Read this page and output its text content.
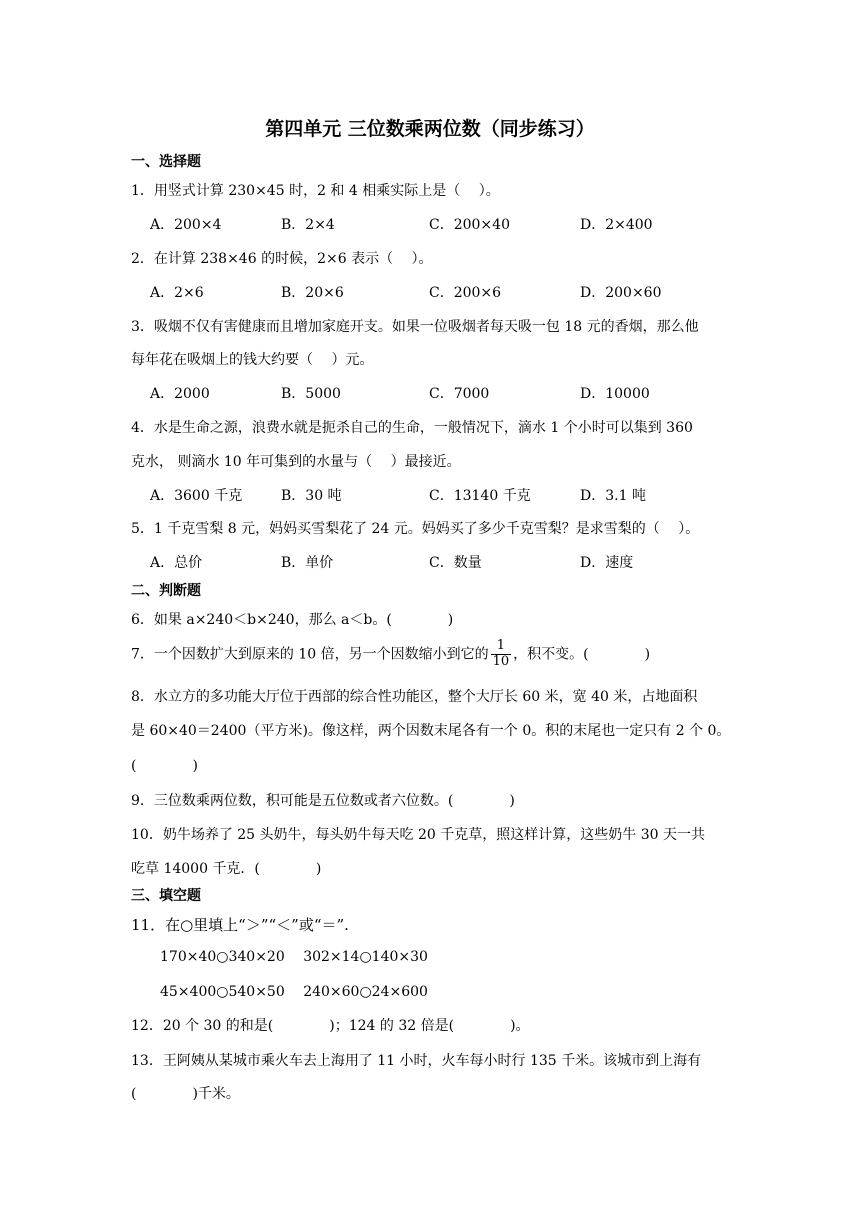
第四单元 三位数乘两位数（同步练习）
一、选择题
1．用竖式计算 230×45 时，2 和 4 相乘实际上是（　 ）。
A．200×4	B．2×4	C．200×40	D．2×400
2．在计算 238×46 的时候，2×6 表示（　 ）。
A．2×6	B．20×6	C．200×6	D．200×60
3．吸烟不仅有害健康而且增加家庭开支。如果一位吸烟者每天吸一包 18 元的香烟，那么他
每年花在吸烟上的钱大约要（　 ）元。
A．2000	B．5000	C．7000	D．10000
4．水是生命之源，浪费水就是扼杀自己的生命，一般情况下，滴水 1 个小时可以集到 360
克水， 则滴水 10 年可集到的水量与（　 ）最接近。
A．3600 千克	B．30 吨	C．13140 千克	D．3.1 吨
5．1 千克雪梨 8 元，妈妈买雪梨花了 24 元。妈妈买了多少千克雪梨？是求雪梨的（　 ）。
A．总价	B．单价	C．数量	D．速度
二、判断题
6．如果 a×240＜b×240，那么 a＜b。(　　　　)
7．一个因数扩大到原来的 10 倍，另一个因数缩小到它的 $\frac{1}{10}$ ，积不变。(　　　　)
8．水立方的多功能大厅位于西部的综合性功能区，整个大厅长 60 米，宽 40 米，占地面积
是 60×40＝2400（平方米)。像这样，两个因数末尾各有一个 0。积的末尾也一定只有 2 个 0。
(　　　　)
9．三位数乘两位数，积可能是五位数或者六位数。(　　　　)
10．奶牛场养了 25 头奶牛，每头奶牛每天吃 20 千克草，照这样计算，这些奶牛 30 天一共
吃草 14000 千克．(　　　　)
三、填空题
11．在○里填上“＞”“＜”或“＝”.
170×40○340×20　 302×14○140×30
45×400○540×50　 240×60○24×600
12．20 个 30 的和是(　　　　)；124 的 32 倍是(　　　　)。
13．王阿姨从某城市乘火车去上海用了 11 小时，火车每小时行 135 千米。该城市到上海有
(　　　　)千米。
